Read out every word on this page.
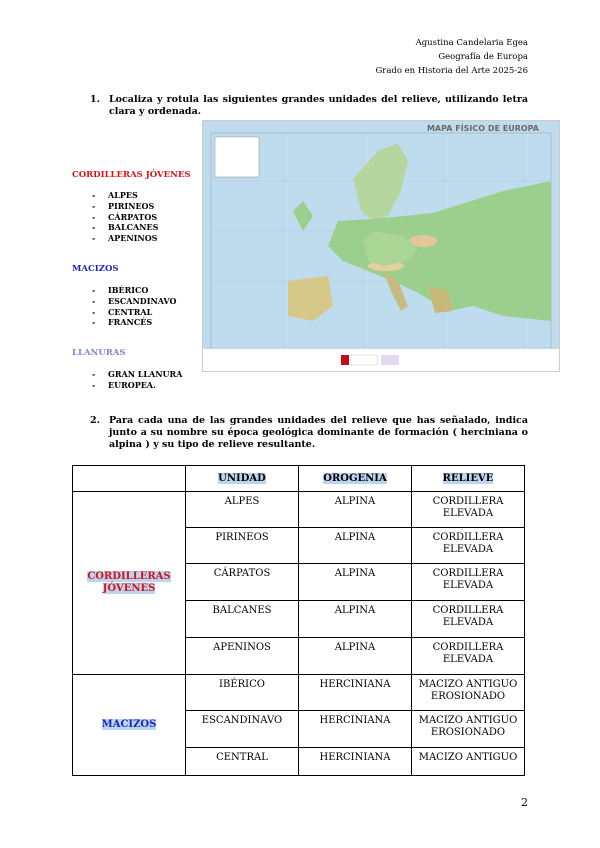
Agustina Candelaria Egea
Geografía de Europa
Grado en Historia del Arte 2025-26
1. Localiza y rotula las siguientes grandes unidades del relieve, utilizando letra clara y ordenada.
CORDILLERAS JÓVENES
- ALPES
- PIRINEOS
- CÁRPATOS
- BALCANES
- APENINOS
MACIZOS
- IBÉRICO
- ESCANDINAVO
- CENTRAL
- FRANCÉS
LLANURAS
- GRAN LLANURA
- EUROPEA.
MAPA FÍSICO DE EUROPA
2. Para cada una de las grandes unidades del relieve que has señalado, indica junto a su nombre su época geológica dominante de formación ( herciniana o alpina ) y su tipo de relieve resultante.
	UNIDAD	OROGENIA	RELIEVE
CORDILLERAS
JÓVENES	ALPES	ALPINA	CORDILLERA
ELEVADA
	PIRINEOS	ALPINA	CORDILLERA
ELEVADA
	CÁRPATOS	ALPINA	CORDILLERA
ELEVADA
	BALCANES	ALPINA	CORDILLERA
ELEVADA
	APENINOS	ALPINA	CORDILLERA
ELEVADA
MACIZOS	IBÉRICO	HERCINIANA	MACIZO ANTIGUO
EROSIONADO
	ESCANDINAVO	HERCINIANA	MACIZO ANTIGUO
EROSIONADO
	CENTRAL	HERCINIANA	MACIZO ANTIGUO
2
